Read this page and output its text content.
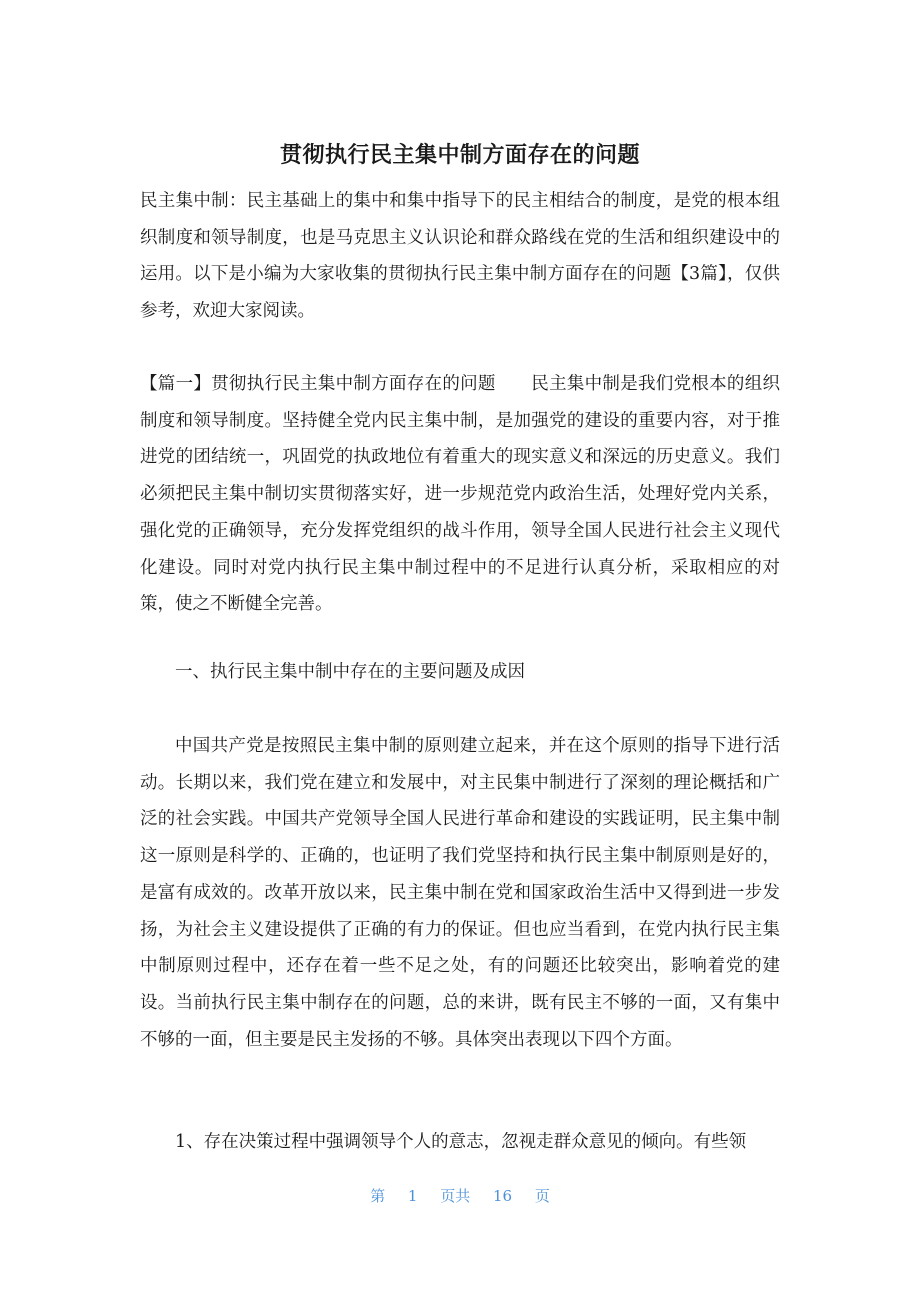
贯彻执行民主集中制方面存在的问题

民主集中制：民主基础上的集中和集中指导下的民主相结合的制度，是党的根本组织制度和领导制度，也是马克思主义认识论和群众路线在党的生活和组织建设中的运用。以下是小编为大家收集的贯彻执行民主集中制方面存在的问题【3篇】，仅供参考，欢迎大家阅读。

【篇一】贯彻执行民主集中制方面存在的问题　　民主集中制是我们党根本的组织制度和领导制度。坚持健全党内民主集中制，是加强党的建设的重要内容，对于推进党的团结统一，巩固党的执政地位有着重大的现实意义和深远的历史意义。我们必须把民主集中制切实贯彻落实好，进一步规范党内政治生活，处理好党内关系，强化党的正确领导，充分发挥党组织的战斗作用，领导全国人民进行社会主义现代化建设。同时对党内执行民主集中制过程中的不足进行认真分析，采取相应的对策，使之不断健全完善。

一、执行民主集中制中存在的主要问题及成因

中国共产党是按照民主集中制的原则建立起来，并在这个原则的指导下进行活动。长期以来，我们党在建立和发展中，对主民集中制进行了深刻的理论概括和广泛的社会实践。中国共产党领导全国人民进行革命和建设的实践证明，民主集中制这一原则是科学的、正确的，也证明了我们党坚持和执行民主集中制原则是好的，是富有成效的。改革开放以来，民主集中制在党和国家政治生活中又得到进一步发扬，为社会主义建设提供了正确的有力的保证。但也应当看到，在党内执行民主集中制原则过程中，还存在着一些不足之处，有的问题还比较突出，影响着党的建设。当前执行民主集中制存在的问题，总的来讲，既有民主不够的一面，又有集中不够的一面，但主要是民主发扬的不够。具体突出表现以下四个方面。

1、存在决策过程中强调领导个人的意志，忽视走群众意见的倾向。有些领

第 1 页共 16 页
